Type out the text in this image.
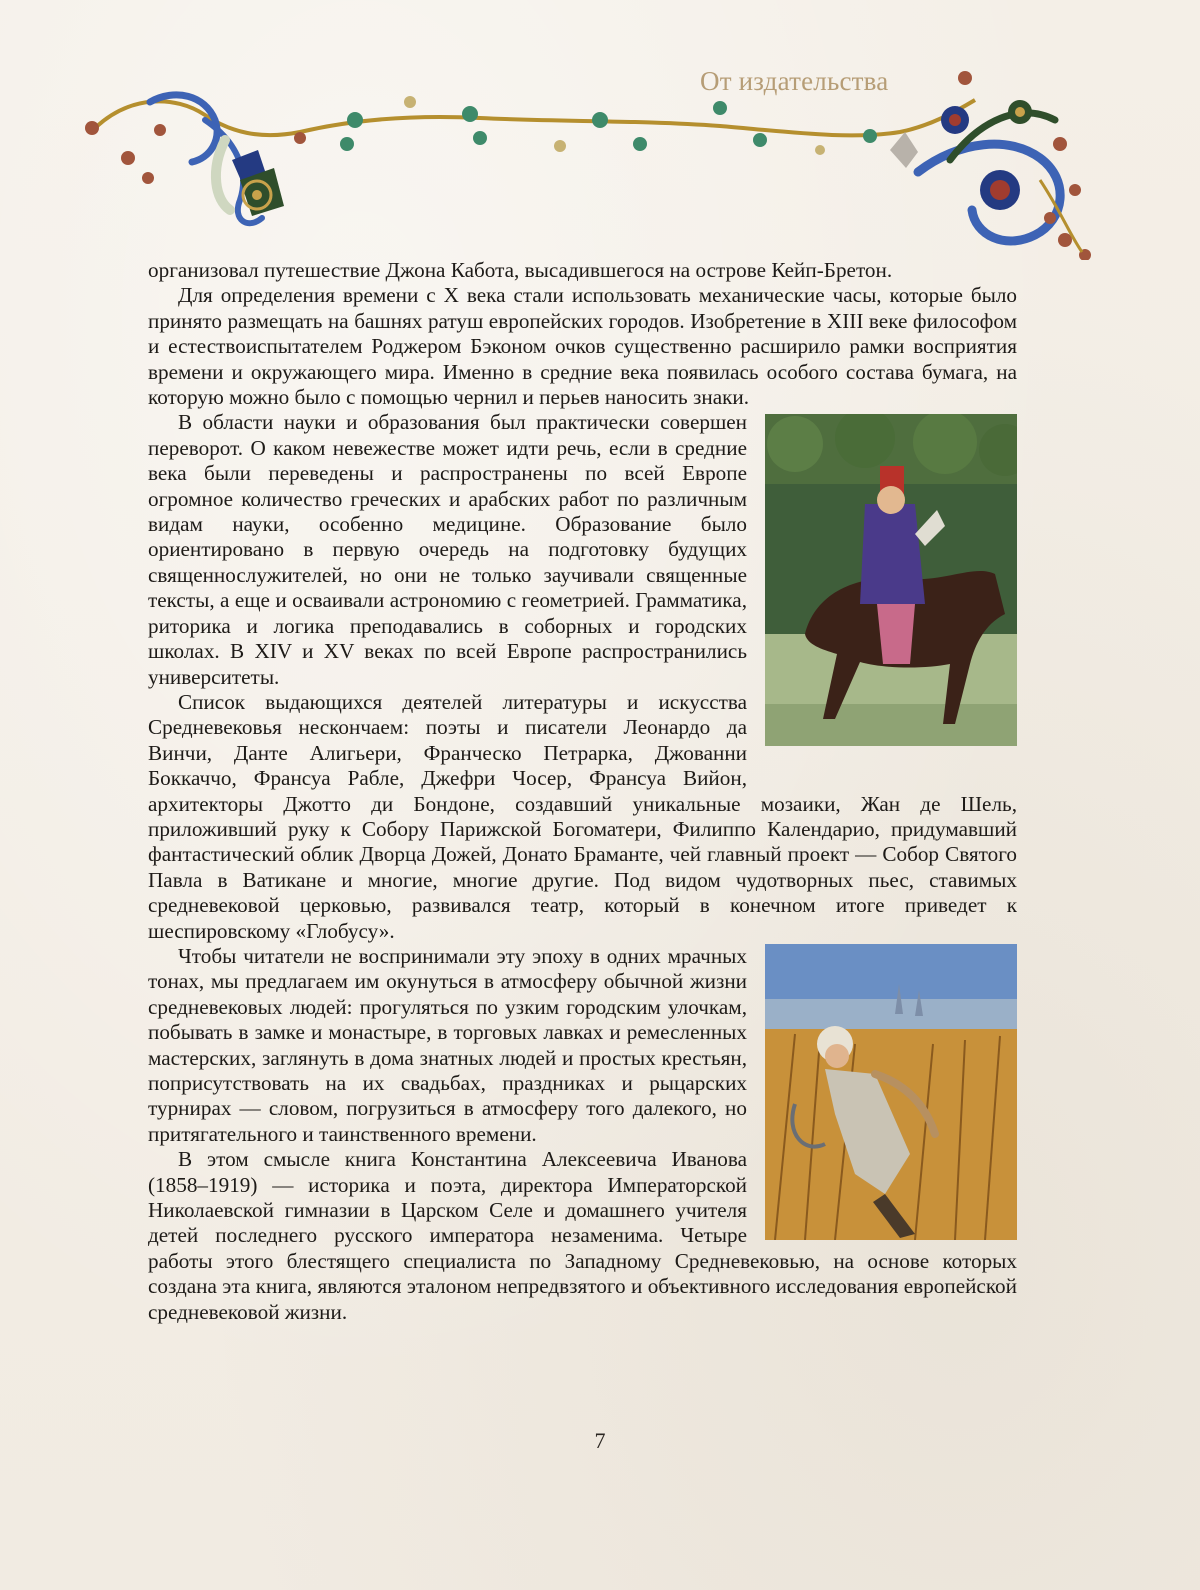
От издательства

организовал путешествие Джона Кабота, высадившегося на острове Кейп-Бретон.

Для определения времени с X века стали использовать механические часы, которые было принято размещать на башнях ратуш европейских городов. Изобретение в XIII веке философом и естествоиспытателем Роджером Бэконом очков существенно расширило рамки восприятия времени и окружающего мира. Именно в средние века появилась особого состава бумага, на которую можно было с помощью чернил и перьев наносить знаки.

В области науки и образования был практически совершен переворот. О каком невежестве может идти речь, если в средние века были переведены и распространены по всей Европе огромное количество греческих и арабских работ по различным видам науки, особенно медицине. Образование было ориентировано в первую очередь на подготовку будущих священнослужителей, но они не только заучивали священные тексты, а еще и осваивали астрономию с геометрией. Грамматика, риторика и логика преподавались в соборных и городских школах. В XIV и XV веках по всей Европе распространились университеты.

Список выдающихся деятелей литературы и искусства Средневековья нескончаем: поэты и писатели Леонардо да Винчи, Данте Алигьери, Франческо Петрарка, Джованни Боккаччо, Франсуа Рабле, Джефри Чосер, Франсуа Вийон, архитекторы Джотто ди Бондоне, создавший уникальные мозаики, Жан де Шель, приложивший руку к Собору Парижской Богоматери, Филиппо Календарио, придумавший фантастический облик Дворца Дожей, Донато Браманте, чей главный проект — Собор Святого Павла в Ватикане и многие, многие другие. Под видом чудотворных пьес, ставимых средневековой церковью, развивался театр, который в конечном итоге приведет к шеспировскому «Глобусу».

Чтобы читатели не воспринимали эту эпоху в одних мрачных тонах, мы предлагаем им окунуться в атмосферу обычной жизни средневековых людей: прогуляться по узким городским улочкам, побывать в замке и монастыре, в торговых лавках и ремесленных мастерских, заглянуть в дома знатных людей и простых крестьян, поприсутствовать на их свадьбах, праздниках и рыцарских турнирах — словом, погрузиться в атмосферу того далекого, но притягательного и таинственного времени.

В этом смысле книга Константина Алексеевича Иванова (1858–1919) — историка и поэта, директора Императорской Николаевской гимназии в Царском Селе и домашнего учителя детей последнего русского императора незаменима. Четыре работы этого блестящего специалиста по Западному Средневековью, на основе которых создана эта книга, являются эталоном непредвзятого и объективного исследования европейской средневековой жизни.

7
